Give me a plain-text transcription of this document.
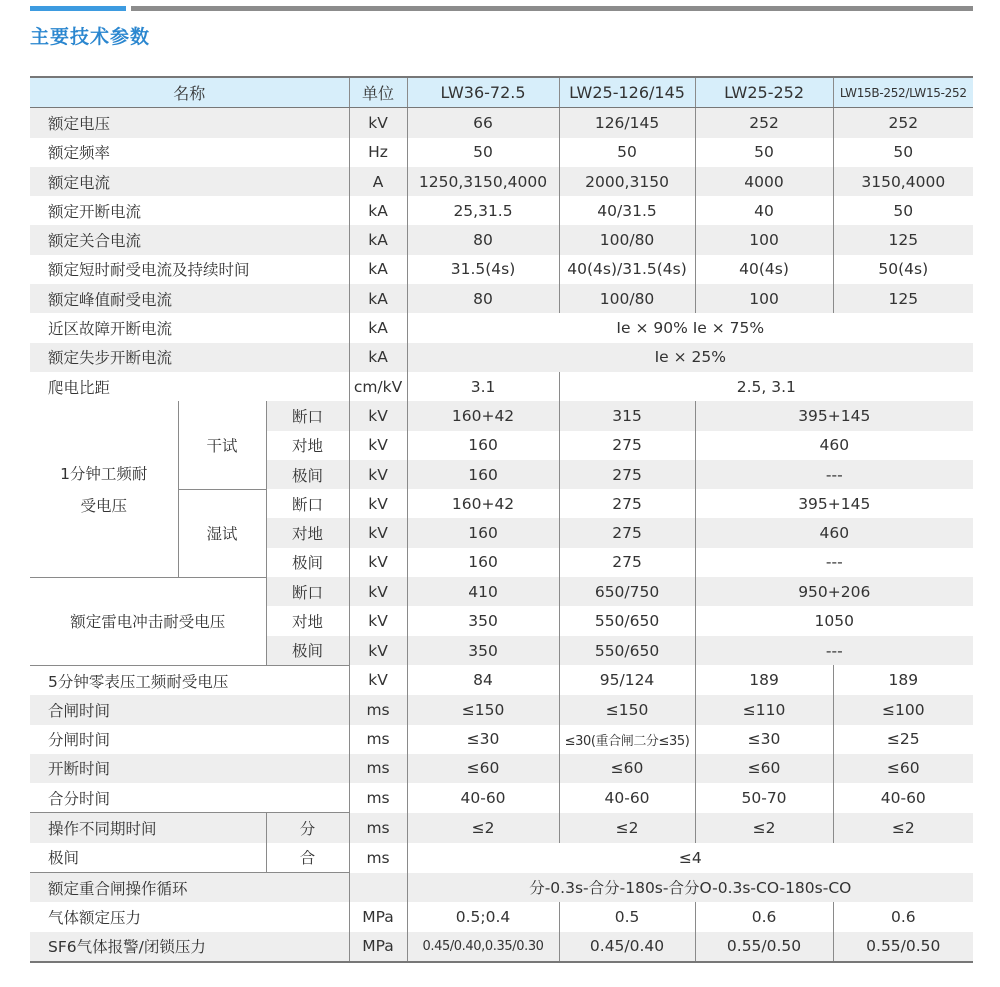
主要技术参数
名称			单位	LW36-72.5	LW25-126/145	LW25-252	LW15B-252/LW15-252
额定电压			kV	66	126/145	252	252
额定频率			Hz	50	50	50	50
额定电流			A	1250,3150,4000	2000,3150	4000	3150,4000
额定开断电流			kA	25,31.5	40/31.5	40	50
额定关合电流			kA	80	100/80	100	125
额定短时耐受电流及持续时间			kA	31.5(4s)	40(4s)/31.5(4s)	40(4s)	50(4s)
额定峰值耐受电流			kA	80	100/80	100	125
近区故障开断电流			kA	Ie × 90% Ie × 75%			
额定失步开断电流			kA	Ie × 25%			
爬电比距			cm/kV	3.1	2.5, 3.1		

1分钟工频耐
受电压	干试	断口	kV	160+42	315	395+145	
		对地	kV	160	275	460	
		极间	kV	160	275	---	
	湿试	断口	kV	160+42	275	395+145	
		对地	kV	160	275	460	
		极间	kV	160	275	---	
额定雷电冲击耐受电压		断口	kV	410	650/750	950+206	
		对地	kV	350	550/650	1050	
		极间	kV	350	550/650	---	
5分钟零表压工频耐受电压			kV	84	95/124	189	189
合闸时间			ms	≤150	≤150	≤110	≤100
分闸时间			ms	≤30	≤30(重合闸二分≤35)	≤30	≤25
开断时间			ms	≤60	≤60	≤60	≤60
合分时间			ms	40-60	40-60	50-70	40-60
操作不同期时间		分	ms	≤2	≤2	≤2	≤2
极间		合	ms	≤4			
额定重合闸操作循环				分-0.3s-合分-180s-合分O-0.3s-CO-180s-CO			
气体额定压力			MPa	0.5;0.4	0.5	0.6	0.6
SF6气体报警/闭锁压力			MPa	0.45/0.40,0.35/0.30	0.45/0.40	0.55/0.50	0.55/0.50
